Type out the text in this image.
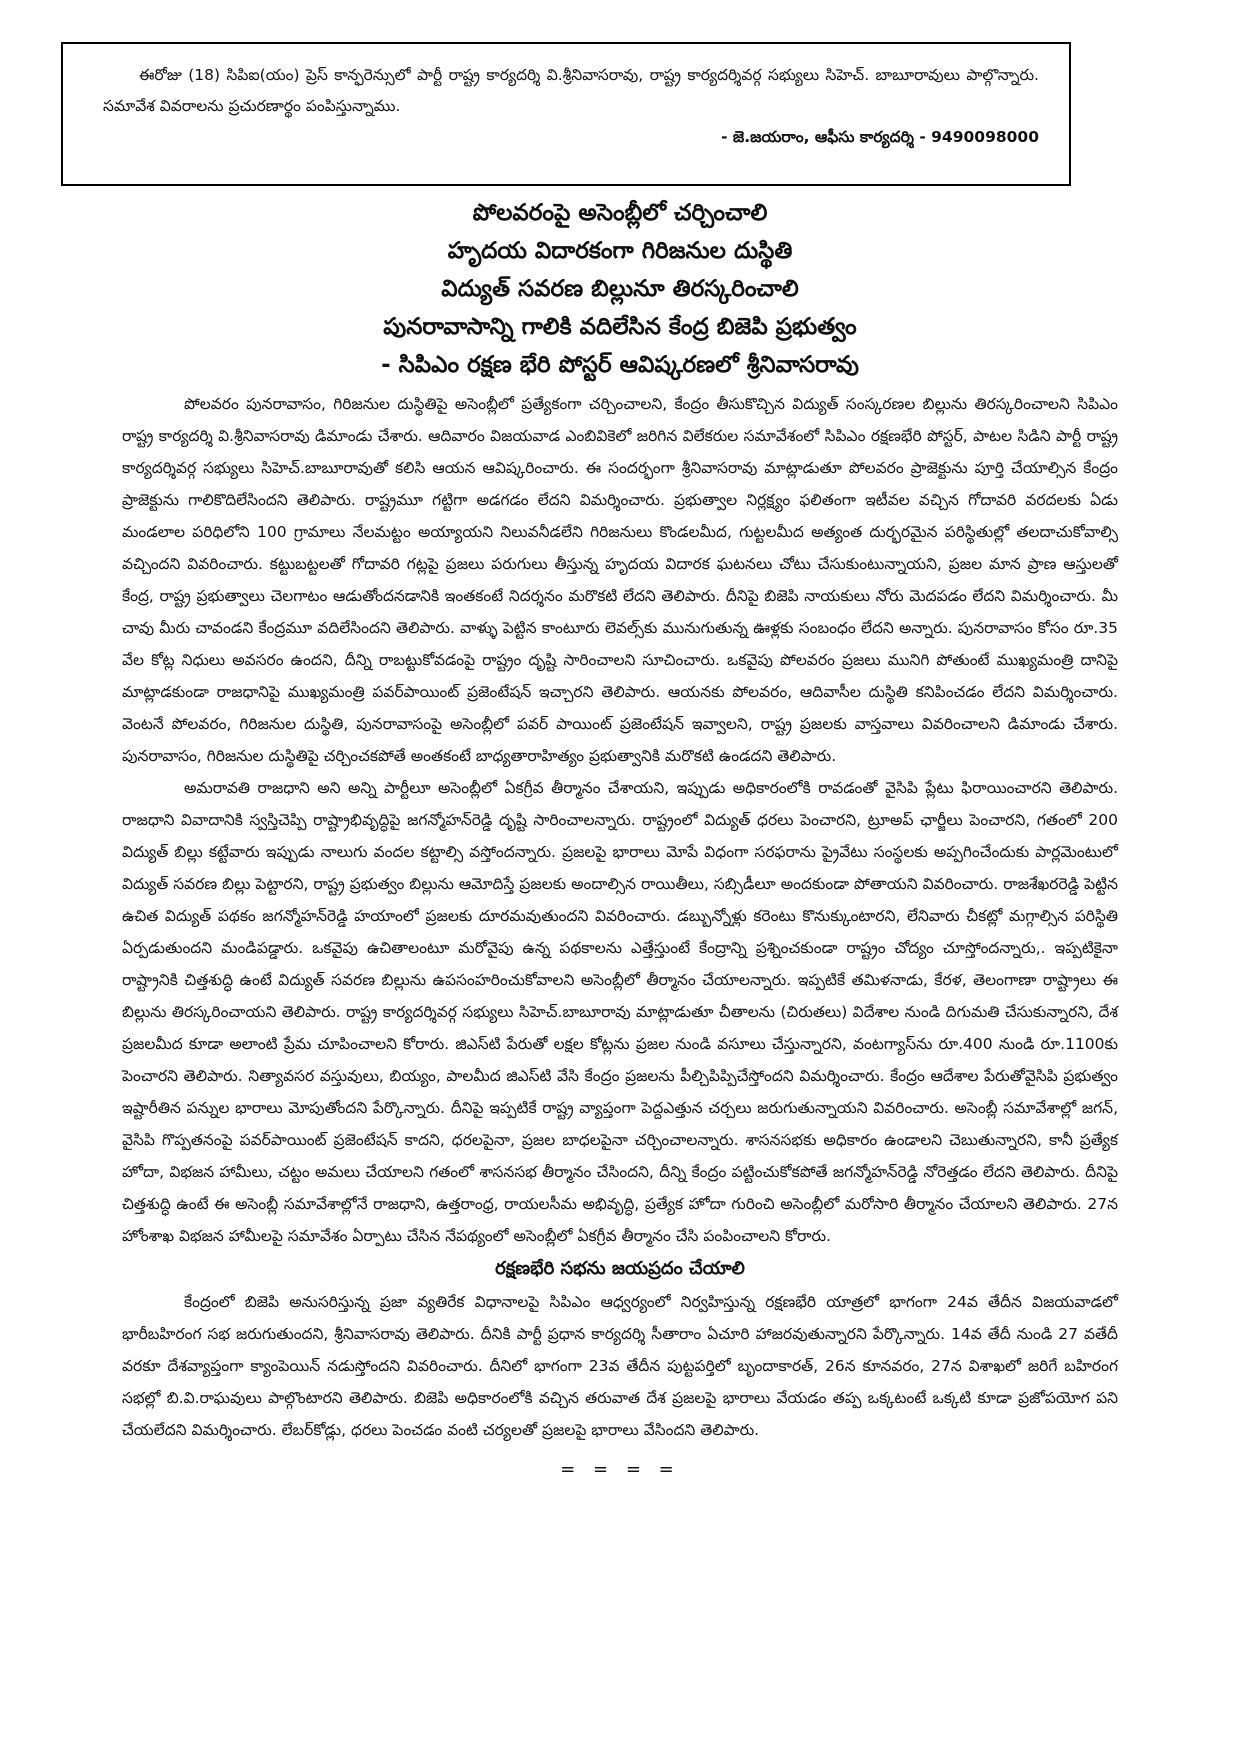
ఈరోజు (18) సిపిఐ(యం) ప్రెస్ కాన్ఫరెన్సులో పార్టీ రాష్ట్ర కార్యదర్శి వి.శ్రీనివాసరావు, రాష్ట్ర కార్యదర్శివర్గ సభ్యులు సిహెచ్. బాబూరావులు పాల్గొన్నారు. సమావేశ వివరాలను ప్రచురణార్థం పంపిస్తున్నాము.

- జె.జయరాం, ఆఫీసు కార్యదర్శి - 9490098000

పోలవరంపై అసెంబ్లీలో చర్చించాలి
హృదయ విదారకంగా గిరిజనుల దుస్థితి
విద్యుత్ సవరణ బిల్లునూ తిరస్కరించాలి
పునరావాసాన్ని గాలికి వదిలేసిన కేంద్ర బిజెపి ప్రభుత్వం
- సిపిఎం రక్షణ భేరి పోస్టర్ ఆవిష్కరణలో శ్రీనివాసరావు

పోలవరం పునరావాసం, గిరిజనుల దుస్థితిపై అసెంబ్లీలో ప్రత్యేకంగా చర్చించాలని, కేంద్రం తీసుకొచ్చిన విద్యుత్ సంస్కరణల బిల్లును తిరస్కరించాలని సిపిఎం రాష్ట్ర కార్యదర్శి వి.శ్రీనివాసరావు డిమాండు చేశారు. ఆదివారం విజయవాడ ఎంబివికెలో జరిగిన విలేకరుల సమావేశంలో సిపిఎం రక్షణభేరి పోస్టర్, పాటల సిడిని పార్టీ రాష్ట్ర కార్యదర్శివర్గ సభ్యులు సిహెచ్.బాబూరావుతో కలిసి ఆయన ఆవిష్కరించారు. ఈ సందర్భంగా శ్రీనివాసరావు మాట్లాడుతూ పోలవరం ప్రాజెక్టును పూర్తి చేయాల్సిన కేంద్రం ప్రాజెక్టును గాలికొదిలేసిందని తెలిపారు. రాష్ట్రమూ గట్టిగా అడగడం లేదని విమర్శించారు. ప్రభుత్వాల నిర్లక్ష్యం ఫలితంగా ఇటీవల వచ్చిన గోదావరి వరదలకు ఏడు మండలాల పరిధిలోని 100 గ్రామాలు నేలమట్టం అయ్యాయని నిలువనీడలేని గిరిజనులు కొండలమీద, గుట్టలమీద అత్యంత దుర్భరమైన పరిస్థితుల్లో తలదాచుకోవాల్సి వచ్చిందని వివరించారు. కట్టుబట్టలతో గోదావరి గట్లపై ప్రజలు పరుగులు తీస్తున్న హృదయ విదారక ఘటనలు చోటు చేసుకుంటున్నాయని, ప్రజల మాన ప్రాణ ఆస్తులతో కేంద్ర, రాష్ట్ర ప్రభుత్వాలు చెలగాటం ఆడుతోందనడానికి ఇంతకంటే నిదర్శనం మరొకటి లేదని తెలిపారు. దీనిపై బిజెపి నాయకులు నోరు మెదపడం లేదని విమర్శించారు. మీ చావు మీరు చావండని కేంద్రమూ వదిలేసిందని తెలిపారు. వాళ్ళు పెట్టిన కాంటూరు లెవల్స్‌కు మునుగుతున్న ఊళ్లకు సంబంధం లేదని అన్నారు. పునరావాసం కోసం రూ.35 వేల కోట్ల నిధులు అవసరం ఉందని, దీన్ని రాబట్టుకోవడంపై రాష్ట్రం దృష్టి సారించాలని సూచించారు. ఒకవైపు పోలవరం ప్రజలు మునిగి పోతుంటే ముఖ్యమంత్రి దానిపై మాట్లాడకుండా రాజధానిపై ముఖ్యమంత్రి పవర్‌పాయింట్ ప్రజెంటేషన్ ఇచ్చారని తెలిపారు. ఆయనకు పోలవరం, ఆదివాసీల దుస్థితి కనిపించడం లేదని విమర్శించారు. వెంటనే పోలవరం, గిరిజనుల దుస్థితి, పునరావాసంపై అసెంబ్లీలో పవర్ పాయింట్ ప్రజెంటేషన్ ఇవ్వాలని, రాష్ట్ర ప్రజలకు వాస్తవాలు వివరించాలని డిమాండు చేశారు. పునరావాసం, గిరిజనుల దుస్థితిపై చర్చించకపోతే అంతకంటే బాధ్యతారాహిత్యం ప్రభుత్వానికి మరొకటి ఉండదని తెలిపారు.

అమరావతి రాజధాని అని అన్ని పార్టీలూ అసెంబ్లీలో ఏకగ్రీవ తీర్మానం చేశాయని, ఇప్పుడు అధికారంలోకి రావడంతో వైసిపి ప్లేటు ఫిరాయించారని తెలిపారు. రాజధాని వివాదానికి స్వస్తిచెప్పి రాష్ట్రాభివృద్ధిపై జగన్మోహన్‌రెడ్డి దృష్టి సారించాలన్నారు. రాష్ట్రంలో విద్యుత్ ధరలు పెంచారని, ట్రూఅప్ ఛార్జీలు పెంచారని, గతంలో 200 విద్యుత్ బిల్లు కట్టేవారు ఇప్పుడు నాలుగు వందల కట్టాల్సి వస్తోందన్నారు. ప్రజలపై భారాలు మోపే విధంగా సరఫరాను ప్రైవేటు సంస్థలకు అప్పగించేందుకు పార్లమెంటులో విద్యుత్ సవరణ బిల్లు పెట్టారని, రాష్ట్ర ప్రభుత్వం బిల్లును ఆమోదిస్తే ప్రజలకు అందాల్సిన రాయితీలు, సబ్సిడీలూ అందకుండా పోతాయని వివరించారు. రాజశేఖరరెడ్డి పెట్టిన ఉచిత విద్యుత్ పథకం జగన్మోహన్‌రెడ్డి హయాంలో ప్రజలకు దూరమవుతుందని వివరించారు. డబ్బున్నోళ్లు కరెంటు కొనుక్కుంటారని, లేనివారు చీకట్లో మగ్గాల్సిన పరిస్థితి ఏర్పడుతుందని మండిపడ్డారు. ఒకవైపు ఉచితాలంటూ మరోవైపు ఉన్న పథకాలను ఎత్తేస్తుంటే కేంద్రాన్ని ప్రశ్నించకుండా రాష్ట్రం చోద్యం చూస్తోందన్నారు,. ఇప్పటికైనా రాష్ట్రానికి చిత్తశుద్ధి ఉంటే విద్యుత్ సవరణ బిల్లును ఉపసంహరించుకోవాలని అసెంబ్లీలో తీర్మానం చేయాలన్నారు. ఇప్పటికే తమిళనాడు, కేరళ, తెలంగాణా రాష్ట్రాలు ఈ బిల్లును తిరస్కరించాయని తెలిపారు. రాష్ట్ర కార్యదర్శివర్గ సభ్యులు సిహెచ్.బాబూరావు మాట్లాడుతూ చీతాలను (చిరుతలు) విదేశాల నుండి దిగుమతి చేసుకున్నారని, దేశ ప్రజలమీద కూడా అలాంటి ప్రేమ చూపించాలని కోరారు. జిఎస్‌టి పేరుతో లక్షల కోట్లను ప్రజల నుండి వసూలు చేస్తున్నారని, వంటగ్యాస్‌ను రూ.400 నుండి రూ.1100కు పెంచారని తెలిపారు. నిత్యావసర వస్తువులు, బియ్యం, పాలమీద జిఎస్‌టి వేసి కేంద్రం ప్రజలను పీల్చిపిప్పిచేస్తోందని విమర్శించారు. కేంద్రం ఆదేశాల పేరుతోవైసిపి ప్రభుత్వం ఇష్టారీతిన పన్నుల భారాలు మోపుతోందని పేర్కొన్నారు. దీనిపై ఇప్పటికే రాష్ట్ర వ్యాప్తంగా పెద్దఎత్తున చర్చలు జరుగుతున్నాయని వివరించారు. అసెంబ్లీ సమావేశాల్లో జగన్, వైసిపి గొప్పతనంపై పవర్‌పాయింట్ ప్రజెంటేషన్ కాదని, ధరలపైనా, ప్రజల బాధలపైనా చర్చించాలన్నారు. శాసనసభకు అధికారం ఉండాలని చెబుతున్నారని, కానీ ప్రత్యేక హోదా, విభజన హామీలు, చట్టం అమలు చేయాలని గతంలో శాసనసభ తీర్మానం చేసిందని, దీన్ని కేంద్రం పట్టించుకోకపోతే జగన్మోహన్‌రెడ్డి నోరెత్తడం లేదని తెలిపారు. దీనిపై చిత్తశుద్ధి ఉంటే ఈ అసెంబ్లీ సమావేశాల్లోనే రాజధాని, ఉత్తరాంధ్ర, రాయలసీమ అభివృద్ధి, ప్రత్యేక హోదా గురించి అసెంబ్లీలో మరోసారి తీర్మానం చేయాలని తెలిపారు. 27న హోంశాఖ విభజన హామీలపై సమావేశం ఏర్పాటు చేసిన నేపథ్యంలో అసెంబ్లీలో ఏకగ్రీవ తీర్మానం చేసి పంపించాలని కోరారు.

రక్షణభేరి సభను జయప్రదం చేయాలి

కేంద్రంలో బిజెపి అనుసరిస్తున్న ప్రజా వ్యతిరేక విధానాలపై సిపిఎం ఆధ్వర్యంలో నిర్వహిస్తున్న రక్షణభేరి యాత్రలో భాగంగా 24వ తేదీన విజయవాడలో భారీబహిరంగ సభ జరుగుతుందని, శ్రీనివాసరావు తెలిపారు. దీనికి పార్టీ ప్రధాన కార్యదర్శి సీతారాం ఏచూరి హాజరవుతున్నారని పేర్కొన్నారు. 14వ తేదీ నుండి 27 వతేదీ వరకూ దేశవ్యాప్తంగా క్యాంపెయిన్ నడుస్తోందని వివరించారు. దీనిలో భాగంగా 23వ తేదీన పుట్టపర్తిలో బృందాకారత్, 26న కూనవరం, 27న విశాఖలో జరిగే బహిరంగ సభల్లో బి.వి.రాఘవులు పాల్గొంటారని తెలిపారు. బిజెపి అధికారంలోకి వచ్చిన తరువాత దేశ ప్రజలపై భారాలు వేయడం తప్ప ఒక్కటంటే ఒక్కటి కూడా ప్రజోపయోగ పని చేయలేదని విమర్శించారు. లేబర్‌కోడ్లు, ధరలు పెంచడం వంటి చర్యలతో ప్రజలపై భారాలు వేసిందని తెలిపారు.

= = = =
